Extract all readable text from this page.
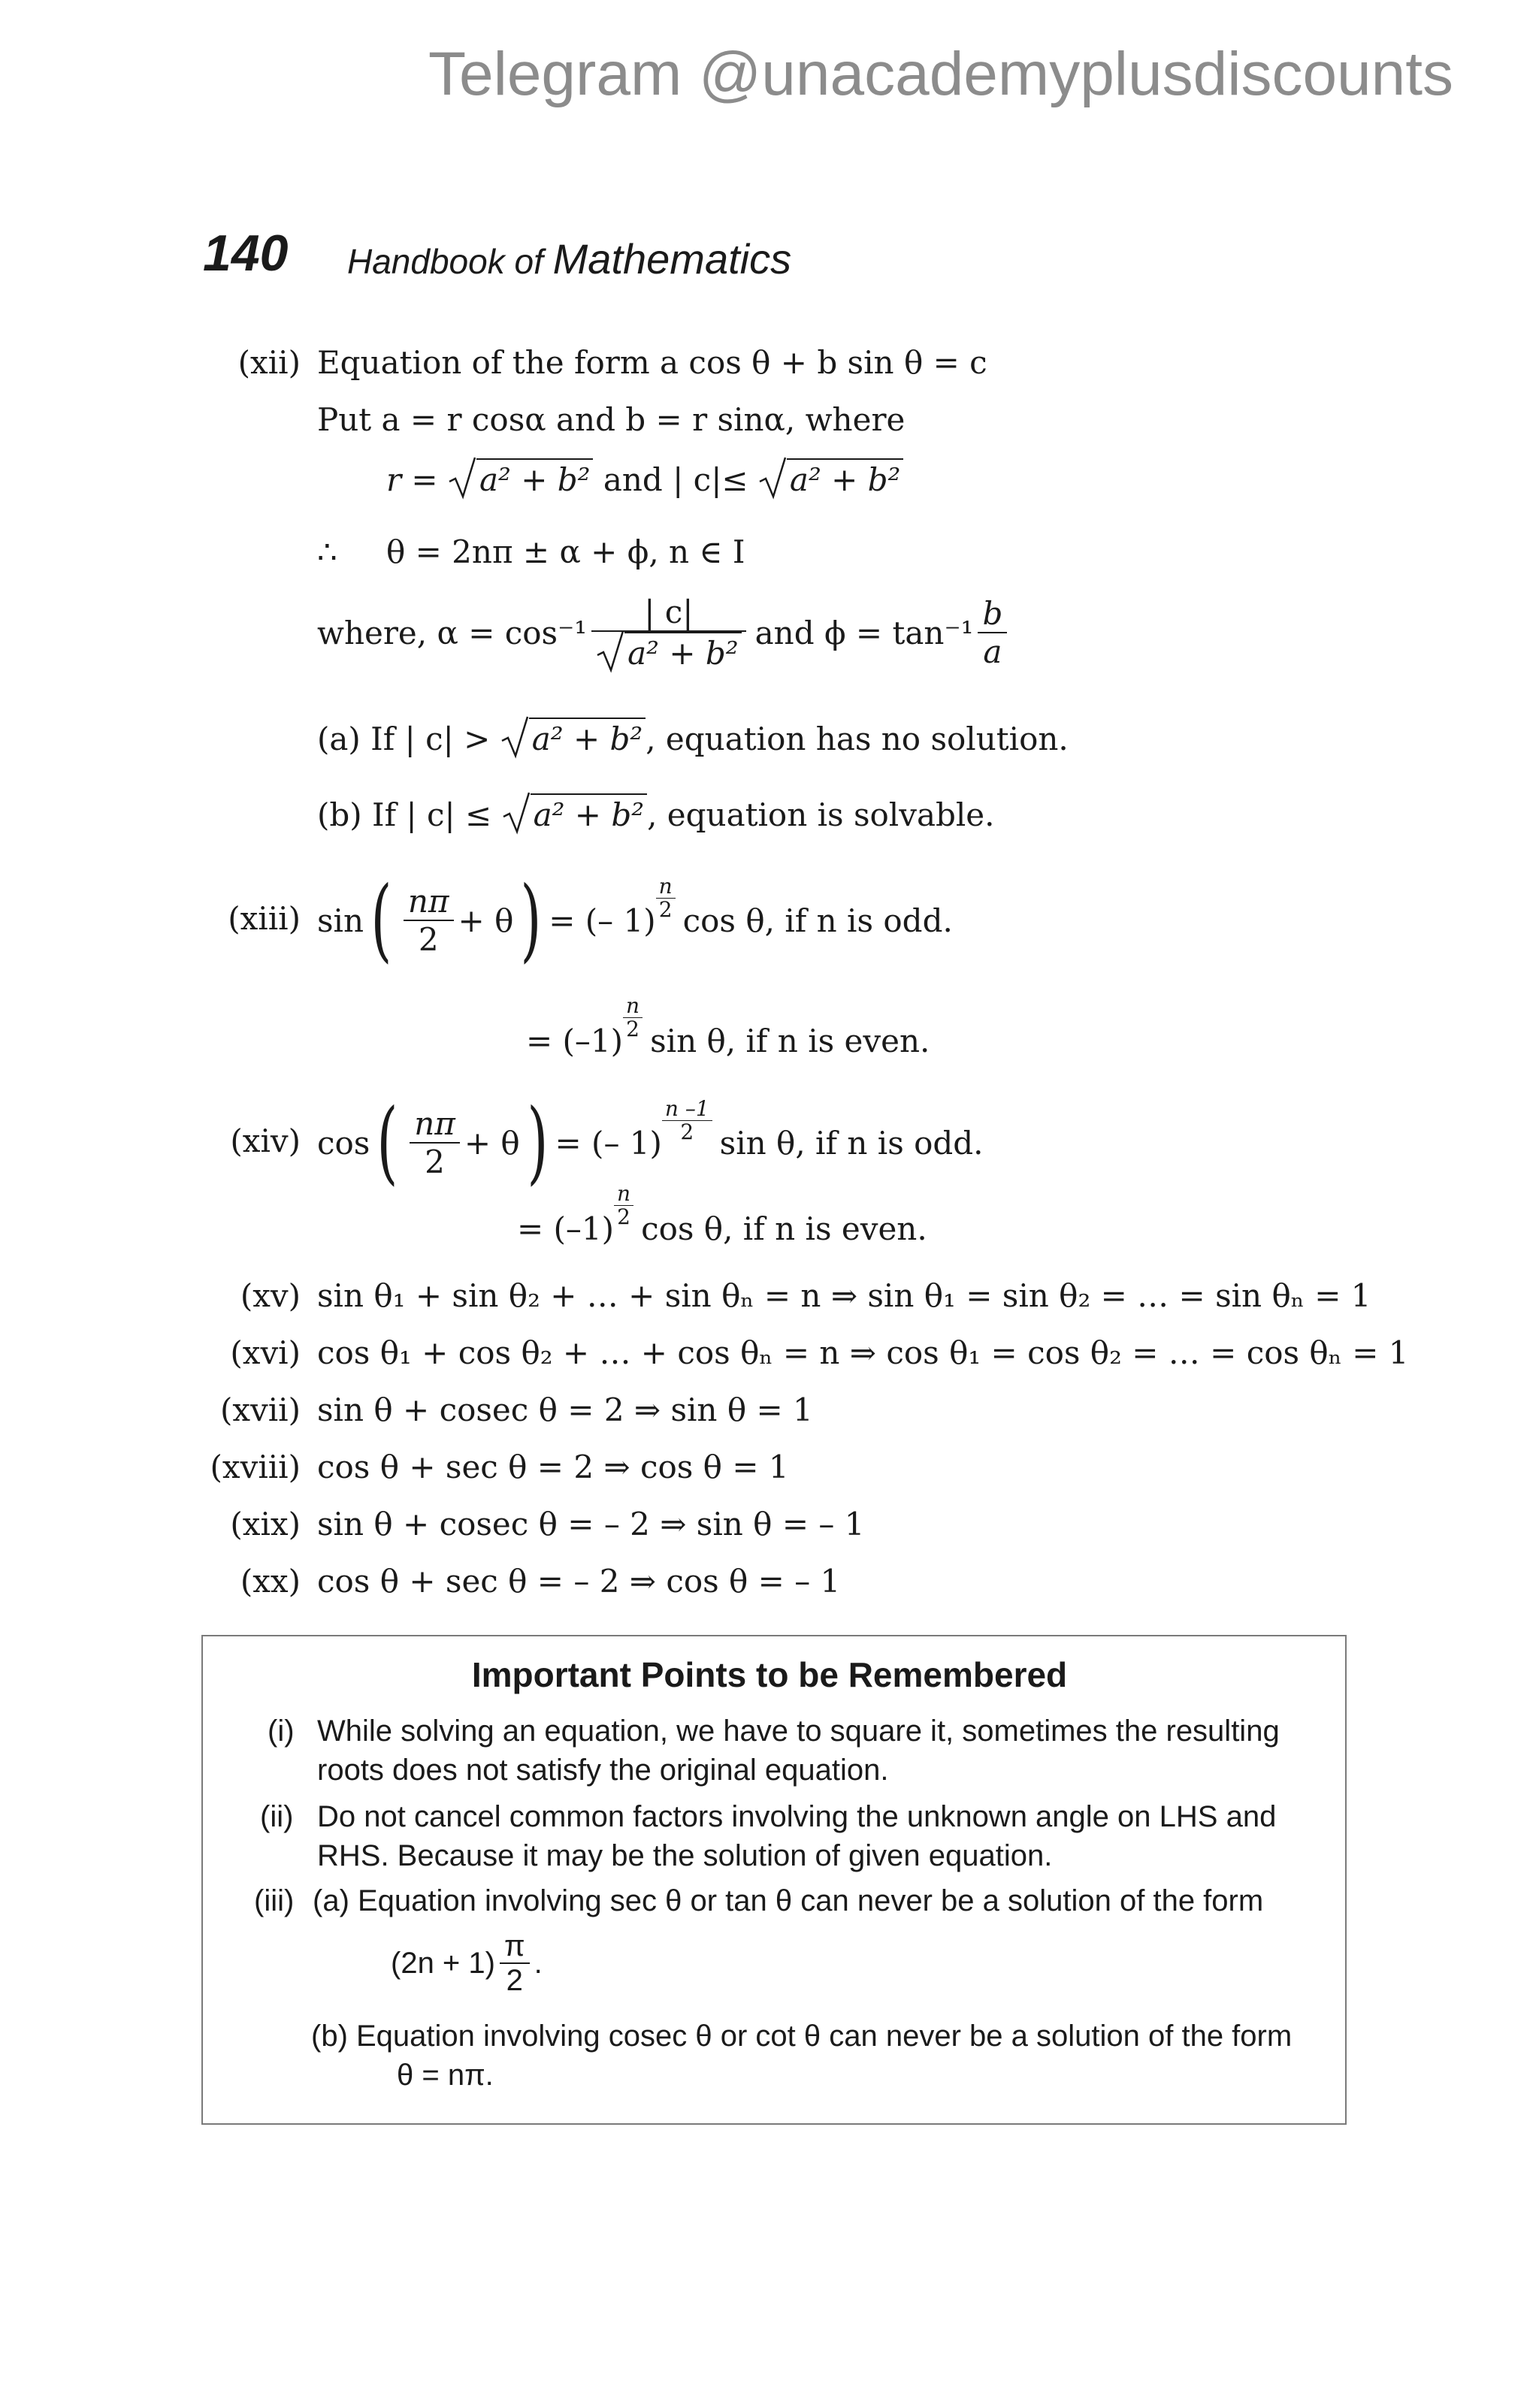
Telegram @unacademyplusdiscounts
140 Handbook of Mathematics
(xii) Equation of the form a cos θ + b sin θ = c
Put a = r cosα and b = r sinα, where
r = a² + b² and | c|≤ a² + b²
∴ θ = 2nπ ± α + ϕ, n ∈ I
where, $\alpha = \cos^{-1} \frac{| c|}{\text{a² + b²}}$ and $\phi = \tan^{-1} \frac{b}{a}$
(a) If | c| > a² + b², equation has no solution.
(b) If | c| ≤ a² + b², equation is solvable.
(xiii) sin ( $\frac{n\pi}{2} + \theta$ ) = (– 1)
$\frac{n}{2}$
cos θ, if n is odd.
= (–1)
$\frac{n}{2}$
sin θ, if n is even.
(xiv) cos ( $\frac{n\pi}{2} + \theta$ ) = (– 1)
$\frac{n -1}{2}$
sin θ, if n is odd.
= (–1)
$\frac{n}{2}$
cos θ, if n is even.
(xv) sin θ₁ + sin θ₂ + … + sin θₙ = n ⇒ sin θ₁ = sin θ₂ = … = sin θₙ = 1
(xvi) cos θ₁ + cos θ₂ + … + cos θₙ = n ⇒ cos θ₁ = cos θ₂ = … = cos θₙ = 1
(xvii) sin θ + cosec θ = 2 ⇒ sin θ = 1
(xviii) cos θ + sec θ = 2 ⇒ cos θ = 1
(xix) sin θ + cosec θ = – 2 ⇒ sin θ = – 1
(xx) cos θ + sec θ = – 2 ⇒ cos θ = – 1
Important Points to be Remembered
(i) While solving an equation, we have to square it, sometimes the resulting
roots does not satisfy the original equation.
(ii) Do not cancel common factors involving the unknown angle on LHS and
RHS. Because it may be the solution of given equation.
(iii) (a) Equation involving sec θ or tan θ can never be a solution of the form
$(2n + 1) \frac{\pi}{2}$ .
(b) Equation involving cosec θ or cot θ can never be a solution of the form
θ = nπ.
